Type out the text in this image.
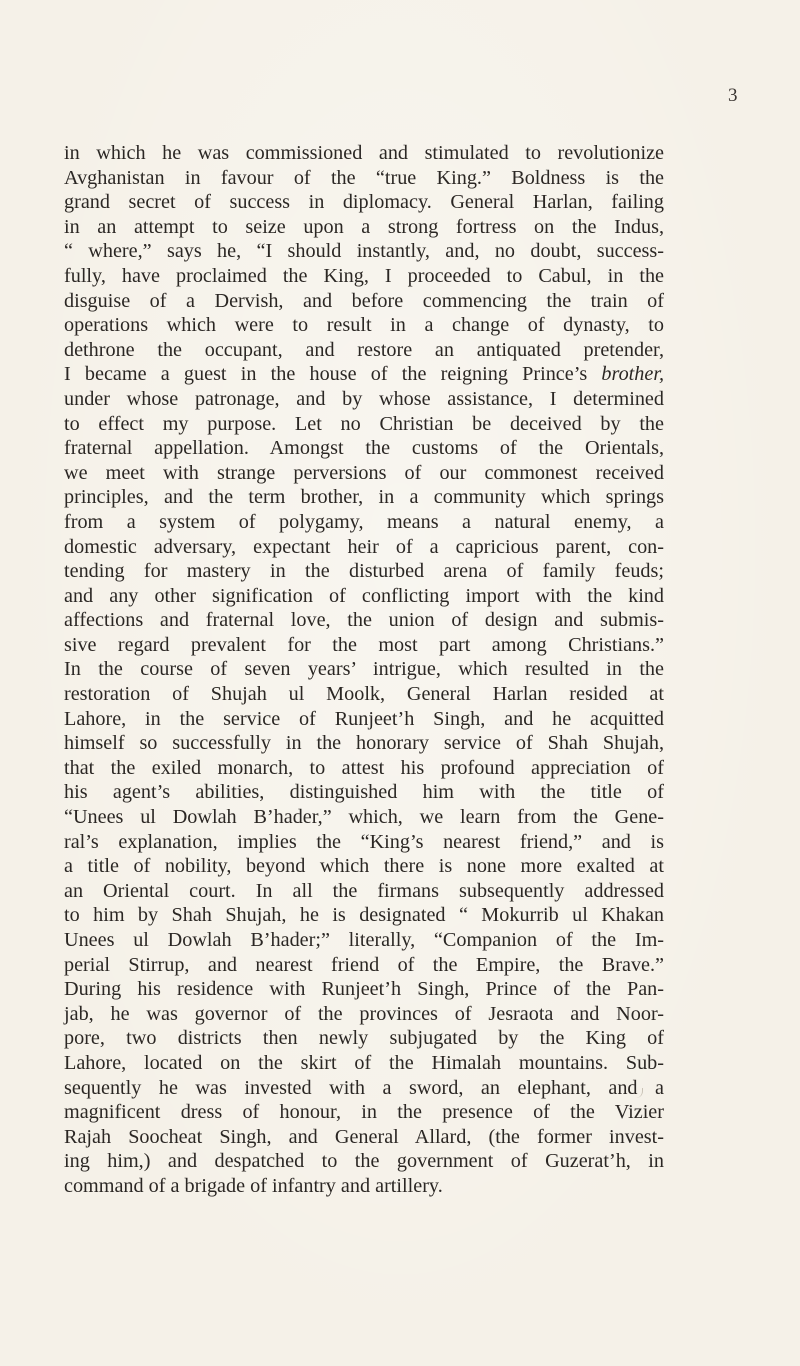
3
in which he was commissioned and stimulated to revolutionize
Avghanistan in favour of the “true King.” Boldness is the
grand secret of success in diplomacy. General Harlan, failing
in an attempt to seize upon a strong fortress on the Indus,
“ where,” says he, “I should instantly, and, no doubt, success-
fully, have proclaimed the King, I proceeded to Cabul, in the
disguise of a Dervish, and before commencing the train of
operations which were to result in a change of dynasty, to
dethrone the occupant, and restore an antiquated pretender,
I became a guest in the house of the reigning Prince’s brother,
under whose patronage, and by whose assistance, I determined
to effect my purpose. Let no Christian be deceived by the
fraternal appellation. Amongst the customs of the Orientals,
we meet with strange perversions of our commonest received
principles, and the term brother, in a community which springs
from a system of polygamy, means a natural enemy, a
domestic adversary, expectant heir of a capricious parent, con-
tending for mastery in the disturbed arena of family feuds;
and any other signification of conflicting import with the kind
affections and fraternal love, the union of design and submis-
sive regard prevalent for the most part among Christians.”
In the course of seven years’ intrigue, which resulted in the
restoration of Shujah ul Moolk, General Harlan resided at
Lahore, in the service of Runjeet’h Singh, and he acquitted
himself so successfully in the honorary service of Shah Shujah,
that the exiled monarch, to attest his profound appreciation of
his agent’s abilities, distinguished him with the title of
“Unees ul Dowlah B’hader,” which, we learn from the Gene-
ral’s explanation, implies the “King’s nearest friend,” and is
a title of nobility, beyond which there is none more exalted at
an Oriental court. In all the firmans subsequently addressed
to him by Shah Shujah, he is designated “ Mokurrib ul Khakan
Unees ul Dowlah B’hader;” literally, “Companion of the Im-
perial Stirrup, and nearest friend of the Empire, the Brave.”
During his residence with Runjeet’h Singh, Prince of the Pan-
jab, he was governor of the provinces of Jesraota and Noor-
pore, two districts then newly subjugated by the King of
Lahore, located on the skirt of the Himalah mountains. Sub-
sequently he was invested with a sword, an elephant, and a
magnificent dress of honour, in the presence of the Vizier
Rajah Soocheat Singh, and General Allard, (the former invest-
ing him,) and despatched to the government of Guzerat’h, in
command of a brigade of infantry and artillery.
